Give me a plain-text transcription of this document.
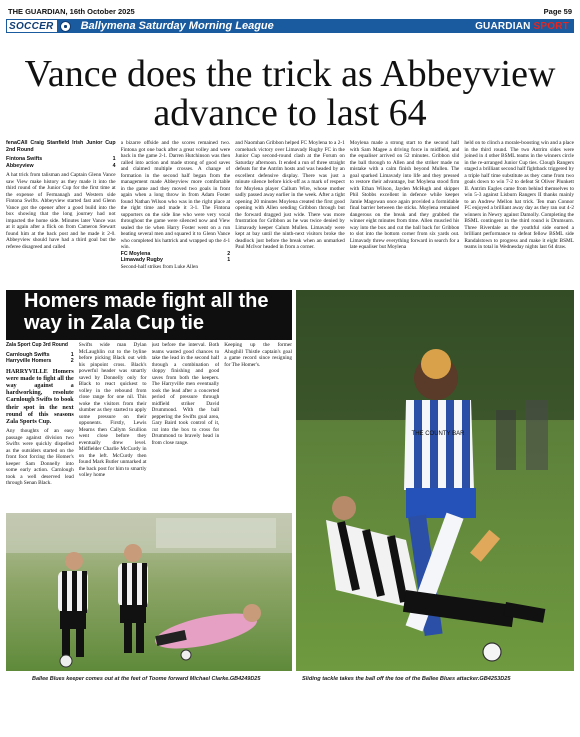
THE GUARDIAN, 16th October 2025	Page 59
SOCCER	Ballymena Saturday Morning League	GUARDIAN SPORT
Vance does the trick as Abbeyview advance to last 64

fenaCAll Craig Stanfield Irish Junior Cup 2nd Round

Fintona Swifts	1
Abbeyview	4

A hat trick from talisman and Captain Glenn Vance saw View make history as they made it into the third round of the Junior Cup for the first time at the expense of Fermanagh and Western side Fintona Swifts. Abbeyview started fast and Glenn Vance got the opener after a good build into the box showing that the long journey had not impacted the home side. Minutes later Vance was at it again after a flick on from Cameron Stewart found him at the back post and he made it 2-0. Abbeyview should have had a third goal but the referee disagreed and called

a bizarre offside and the scores remained two. Fintona got one back after a great volley and were back in the game 2-1. Darren Hutchinson was then called into action and made strong of good saves and claimed multiple crosses. A change of formation in the second half began from the management made Abbeyview more comfortable in the game and they moved two goals in front again when a long throw in from Adam Foster found Nathan Wilson who was in the right place at the right time and made it 3-1. The Fintona supporters on the side line who were very vocal throughout the game were silenced now and View sealed the tie when Harry Foster went on a run beating several men and squared it to Glenn Vance who completed his hattrick and wrapped up the 4-1 win.

FC Moylena	2
Limavady Rugby	1

Second-half strikes from Luke Allen

and Naomhan Gribbon helped FC Moylena to a 2-1 comeback victory over Limavady Rugby FC in the Junior Cup second-round clash at the Forum on Saturday afternoon. It ended a run of three straight defeats for the Antrim hosts and was headed by an excellent defensive display. There was just a minute silence before kick-off as a mark of respect for Moylena player Callum Wire, whose mother sadly passed away earlier in the week. After a tight opening 20 minutes Moylena created the first good opening with Allen sending Gribbon through but the forward dragged just wide. There was more frustration for Gribbon as he was twice denied by Limavady keeper Calum Mullen. Limavady were kept at bay until the ninth-next visitors broke the deadlock just before the break when an unmarked Paul McIvor headed in from a corner.

Moylena made a strong start to the second half with Sam Magee a driving force in midfield, and the equaliser arrived on 52 minutes. Gribbon slid the ball through to Allen and the striker made no mistake with a calm finish beyond Mullen. The goal sparked Limavady into life and they pressed to restore their advantage, but Moylena stood firm with Ethan Wilson, Jayden McHugh and skipper Phil Stobbs excellent in defence while keeper Jamie Magowan once again provided a formidable final barrier between the sticks. Moylena remained dangerous on the break and they grabbed the winner eight minutes from time. Allen muscled his way into the box and cut the ball back for Gribbon to slot into the bottom corner from six yards out. Limavady threw everything forward in search for a late equaliser but Moylena

held on to clinch a morale-boosting win and a place in the third round. The two Antrim sides were joined in 4 other BSML teams in the winners circle in the re-arranged Junior Cup ties. Clough Rangers staged a brilliant second half fightback triggered by a triple half time substitute as they came from two goals down to win 7-2 to defeat St Oliver Plunkett II. Antrim Eagles came from behind themselves to win 5-3 against Lisburn Rangers II thanks mainly to an Andrew Mellon hat trick. Ten man Connor FC enjoyed a brilliant away day as they ran out 4-2 winners in Newry against Damolly. Completing the BSML contingent in the third round is Drumsurn. Three Riverdale as the youthful side earned a brilliant performance to defeat fellow BSML side Randalstown to progress and make it eight BSML teams in total in Wednesday nights last 64 draw.

Homers made fight all the way in Zala Cup tie

Zala Sport Cup 3rd Round

Carnlough Swifts	1
Harryville Homers	2

HARRYVILLE Homers were made to fight all the way against a hardworking, resolute Carnlough Swifts to book their spot in the next round of this seasons Zala Sports Cup.

Any thoughts of an easy passage against division two Swifts were quickly dispelled as the outsiders started on the front foot forcing the Homer's keeper Sam Donnelly into some early action. Carnlough took a well deserved lead through Senan Black.

Swifts wide man Dylan McLaughlin cut to the byline before picking Black out with his pinpoint cross. Black's powerful header was smartly saved by Donnelly only for Black to react quickest to volley in the rebound from close range for one nil. This woke the visitors from their slumber as they started to apply some pressure on their opponents. Firstly, Lewis Mearns then Callym Scullion went close before they eventually drew level. Midfielder Charlie McCurdy in on the left. McCurdy then found Mark Butler unmarked at the back post for him to smartly volley home

just before the interval. Both teams wasted good chances to take the lead in the second half through a combination of sloppy finishing and good saves from both the keepers. The Harryville men eventually took the lead after a concerted period of pressure through midfield striker David Drummond. With the ball peppering the Swifts goal area, Gary Baird took control of it, cut into the box to cross for Drummond to bravely head in from close range.

Keeping up the former Ahoghill Thistle captain's goal a game record since resigning for The Homer's.

THE COUNTY BAR

Ballee Blues keeper comes out at the feet of Toome forward Michael Clarke.GB4249D25	Sliding tackle takes the ball off the toe of the Ballee Blues attacker.GB4253D25
